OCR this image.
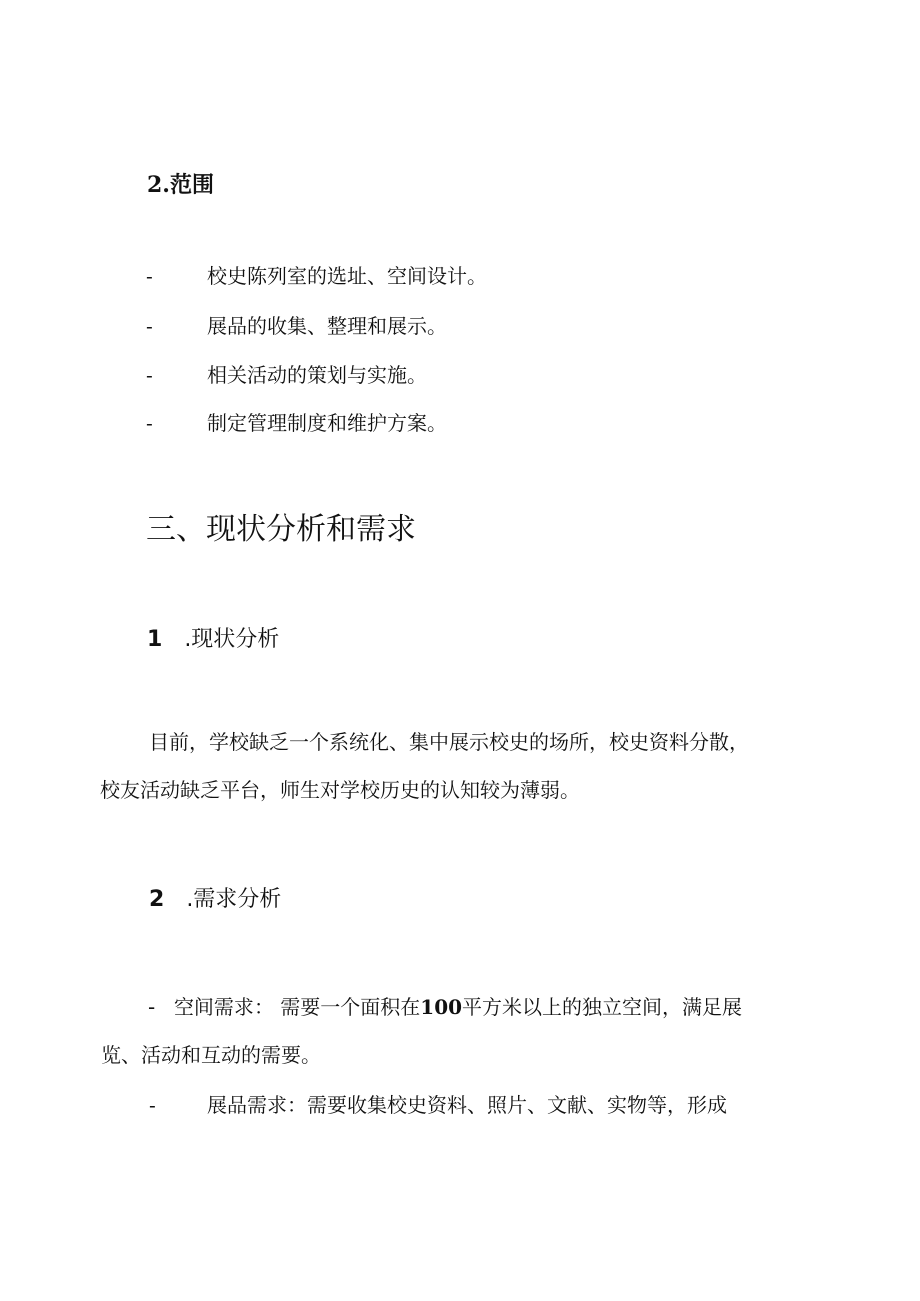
2.范围
-	校史陈列室的选址、空间设计。
-	展品的收集、整理和展示。
-	相关活动的策划与实施。
-	制定管理制度和维护方案。
三、现状分析和需求
1 .现状分析
目前，学校缺乏一个系统化、集中展示校史的场所，校史资料分散，
校友活动缺乏平台，师生对学校历史的认知较为薄弱。
2 .需求分析
- 空间需求： 需要一个面积在100平方米以上的独立空间，满足展
览、活动和互动的需要。
-	展品需求：需要收集校史资料、照片、文献、实物等，形成
